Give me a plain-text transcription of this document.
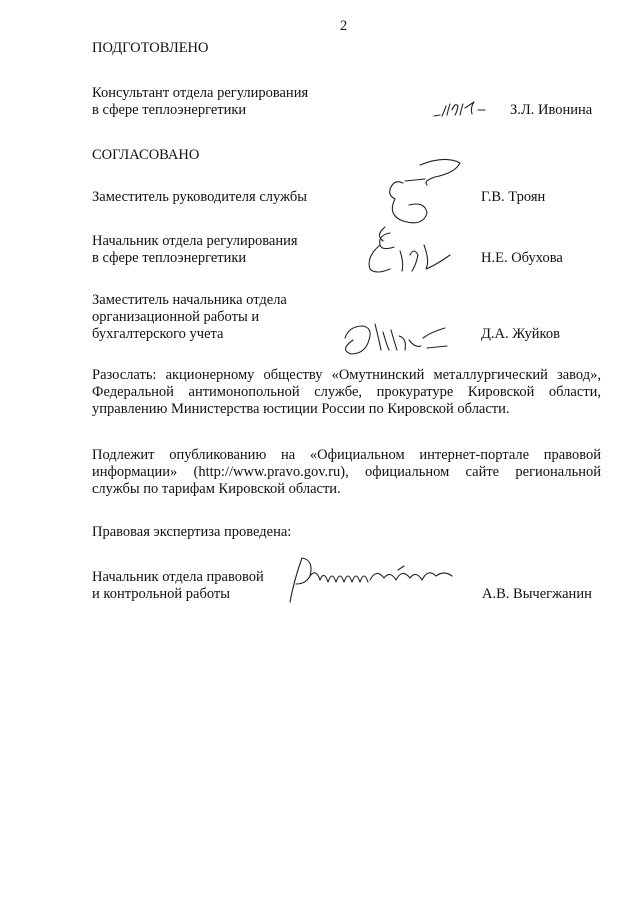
2
ПОДГОТОВЛЕНО
Консультант отдела регулирования
в сфере теплоэнергетики	З.Л. Ивонина
СОГЛАСОВАНО
Заместитель руководителя службы	Г.В. Троян
Начальник отдела регулирования
в сфере теплоэнергетики	Н.Е. Обухова
Заместитель начальника отдела
организационной работы и
бухгалтерского учета	Д.А. Жуйков
Разослать: акционерному обществу «Омутнинский металлургический завод», Федеральной антимонопольной службе, прокуратуре Кировской области, управлению Министерства юстиции России по Кировской области.
Подлежит опубликованию на «Официальном интернет-портале правовой информации» (http://www.pravo.gov.ru), официальном сайте региональной службы по тарифам Кировской области.
Правовая экспертиза проведена:
Начальник отдела правовой
и контрольной работы	А.В. Вычегжанин
